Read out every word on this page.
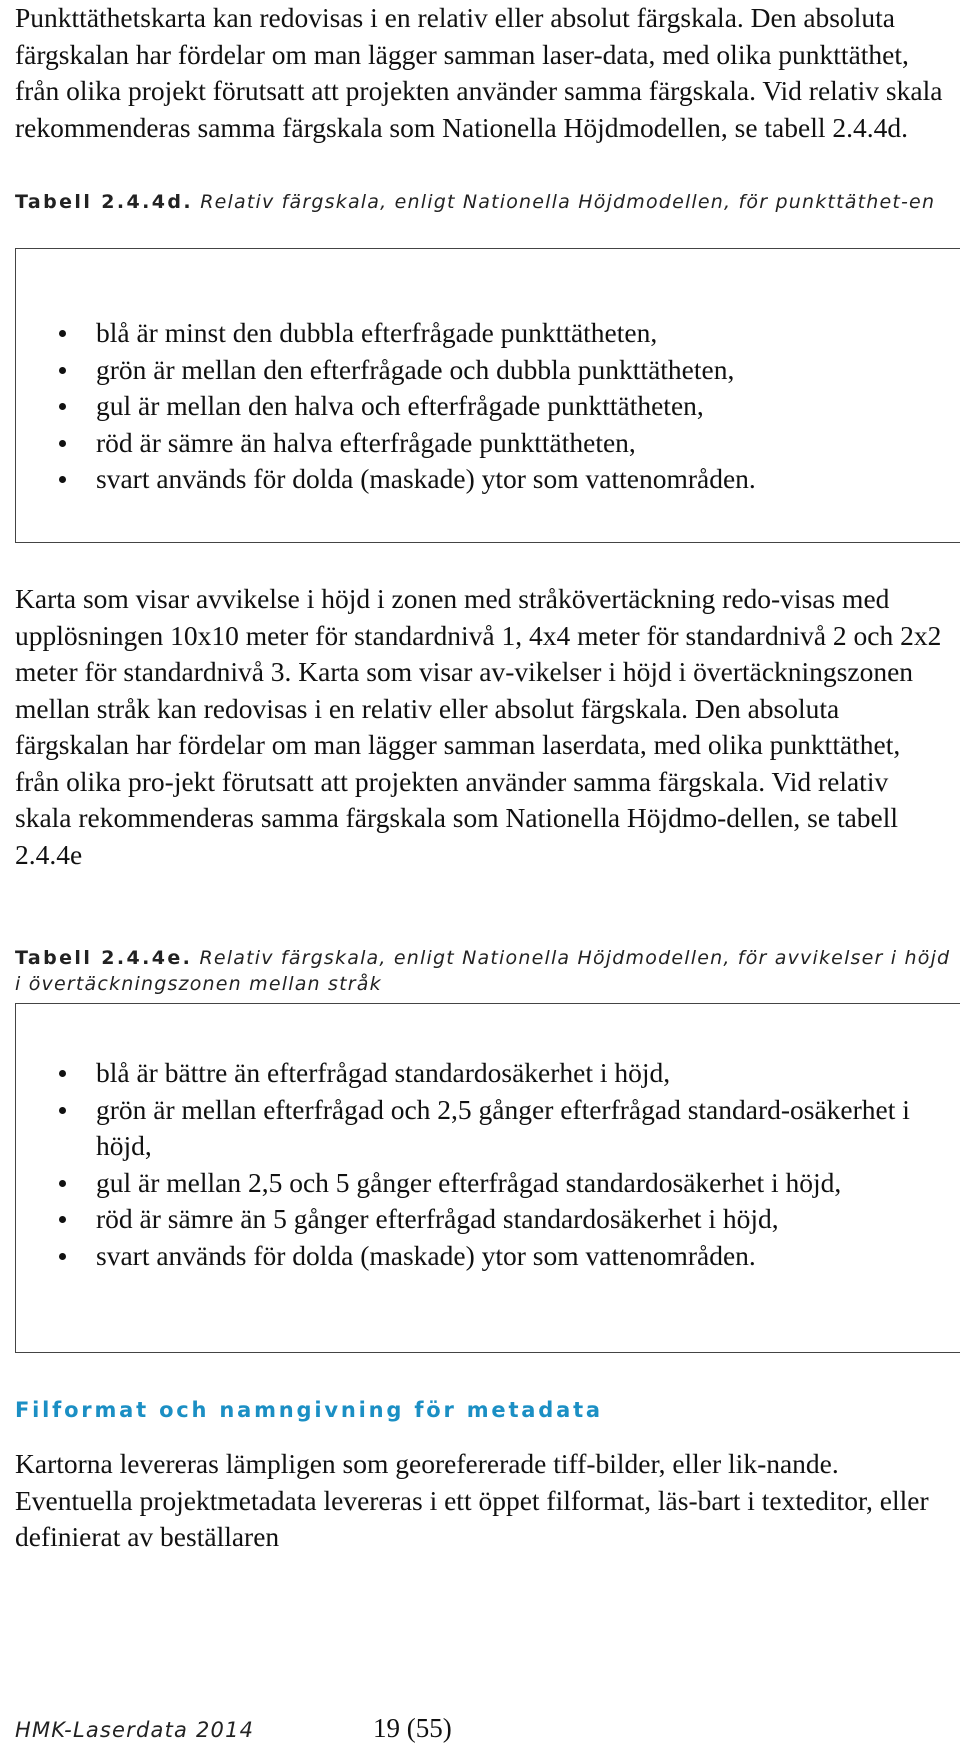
Punkttäthetskarta kan redovisas i en relativ eller absolut färgskala. Den absoluta färgskalan har fördelar om man lägger samman laser-data, med olika punkttäthet, från olika projekt förutsatt att projekten använder samma färgskala. Vid relativ skala rekommenderas samma färgskala som Nationella Höjdmodellen, se tabell 2.4.4d.

Tabell 2.4.4d. Relativ färgskala, enligt Nationella Höjdmodellen, för punkttäthet-en
blå är minst den dubbla efterfrågade punkttätheten,
grön är mellan den efterfrågade och dubbla punkttätheten,
gul är mellan den halva och efterfrågade punkttätheten,
röd är sämre än halva efterfrågade punkttätheten,
svart används för dolda (maskade) ytor som vattenområden.

Karta som visar avvikelse i höjd i zonen med stråkövertäckning redo-visas med upplösningen 10x10 meter för standardnivå 1, 4x4 meter för standardnivå 2 och 2x2 meter för standardnivå 3. Karta som visar av-vikelser i höjd i övertäckningszonen mellan stråk kan redovisas i en relativ eller absolut färgskala. Den absoluta färgskalan har fördelar om man lägger samman laserdata, med olika punkttäthet, från olika pro-jekt förutsatt att projekten använder samma färgskala. Vid relativ skala rekommenderas samma färgskala som Nationella Höjdmo-dellen, se tabell 2.4.4e

Tabell 2.4.4e. Relativ färgskala, enligt Nationella Höjdmodellen, för avvikelser i höjd i övertäckningszonen mellan stråk
blå är bättre än efterfrågad standardosäkerhet i höjd,
grön är mellan efterfrågad och 2,5 gånger efterfrågad standard-osäkerhet i höjd,
gul är mellan 2,5 och 5 gånger efterfrågad standardosäkerhet i höjd,
röd är sämre än 5 gånger efterfrågad standardosäkerhet i höjd,
svart används för dolda (maskade) ytor som vattenområden.
Filformat och namngivning för metadata

Kartorna levereras lämpligen som georefererade tiff-bilder, eller lik-nande. Eventuella projektmetadata levereras i ett öppet filformat, läs-bart i texteditor, eller definierat av beställaren

HMK-Laserdata 2014	19 (55)
